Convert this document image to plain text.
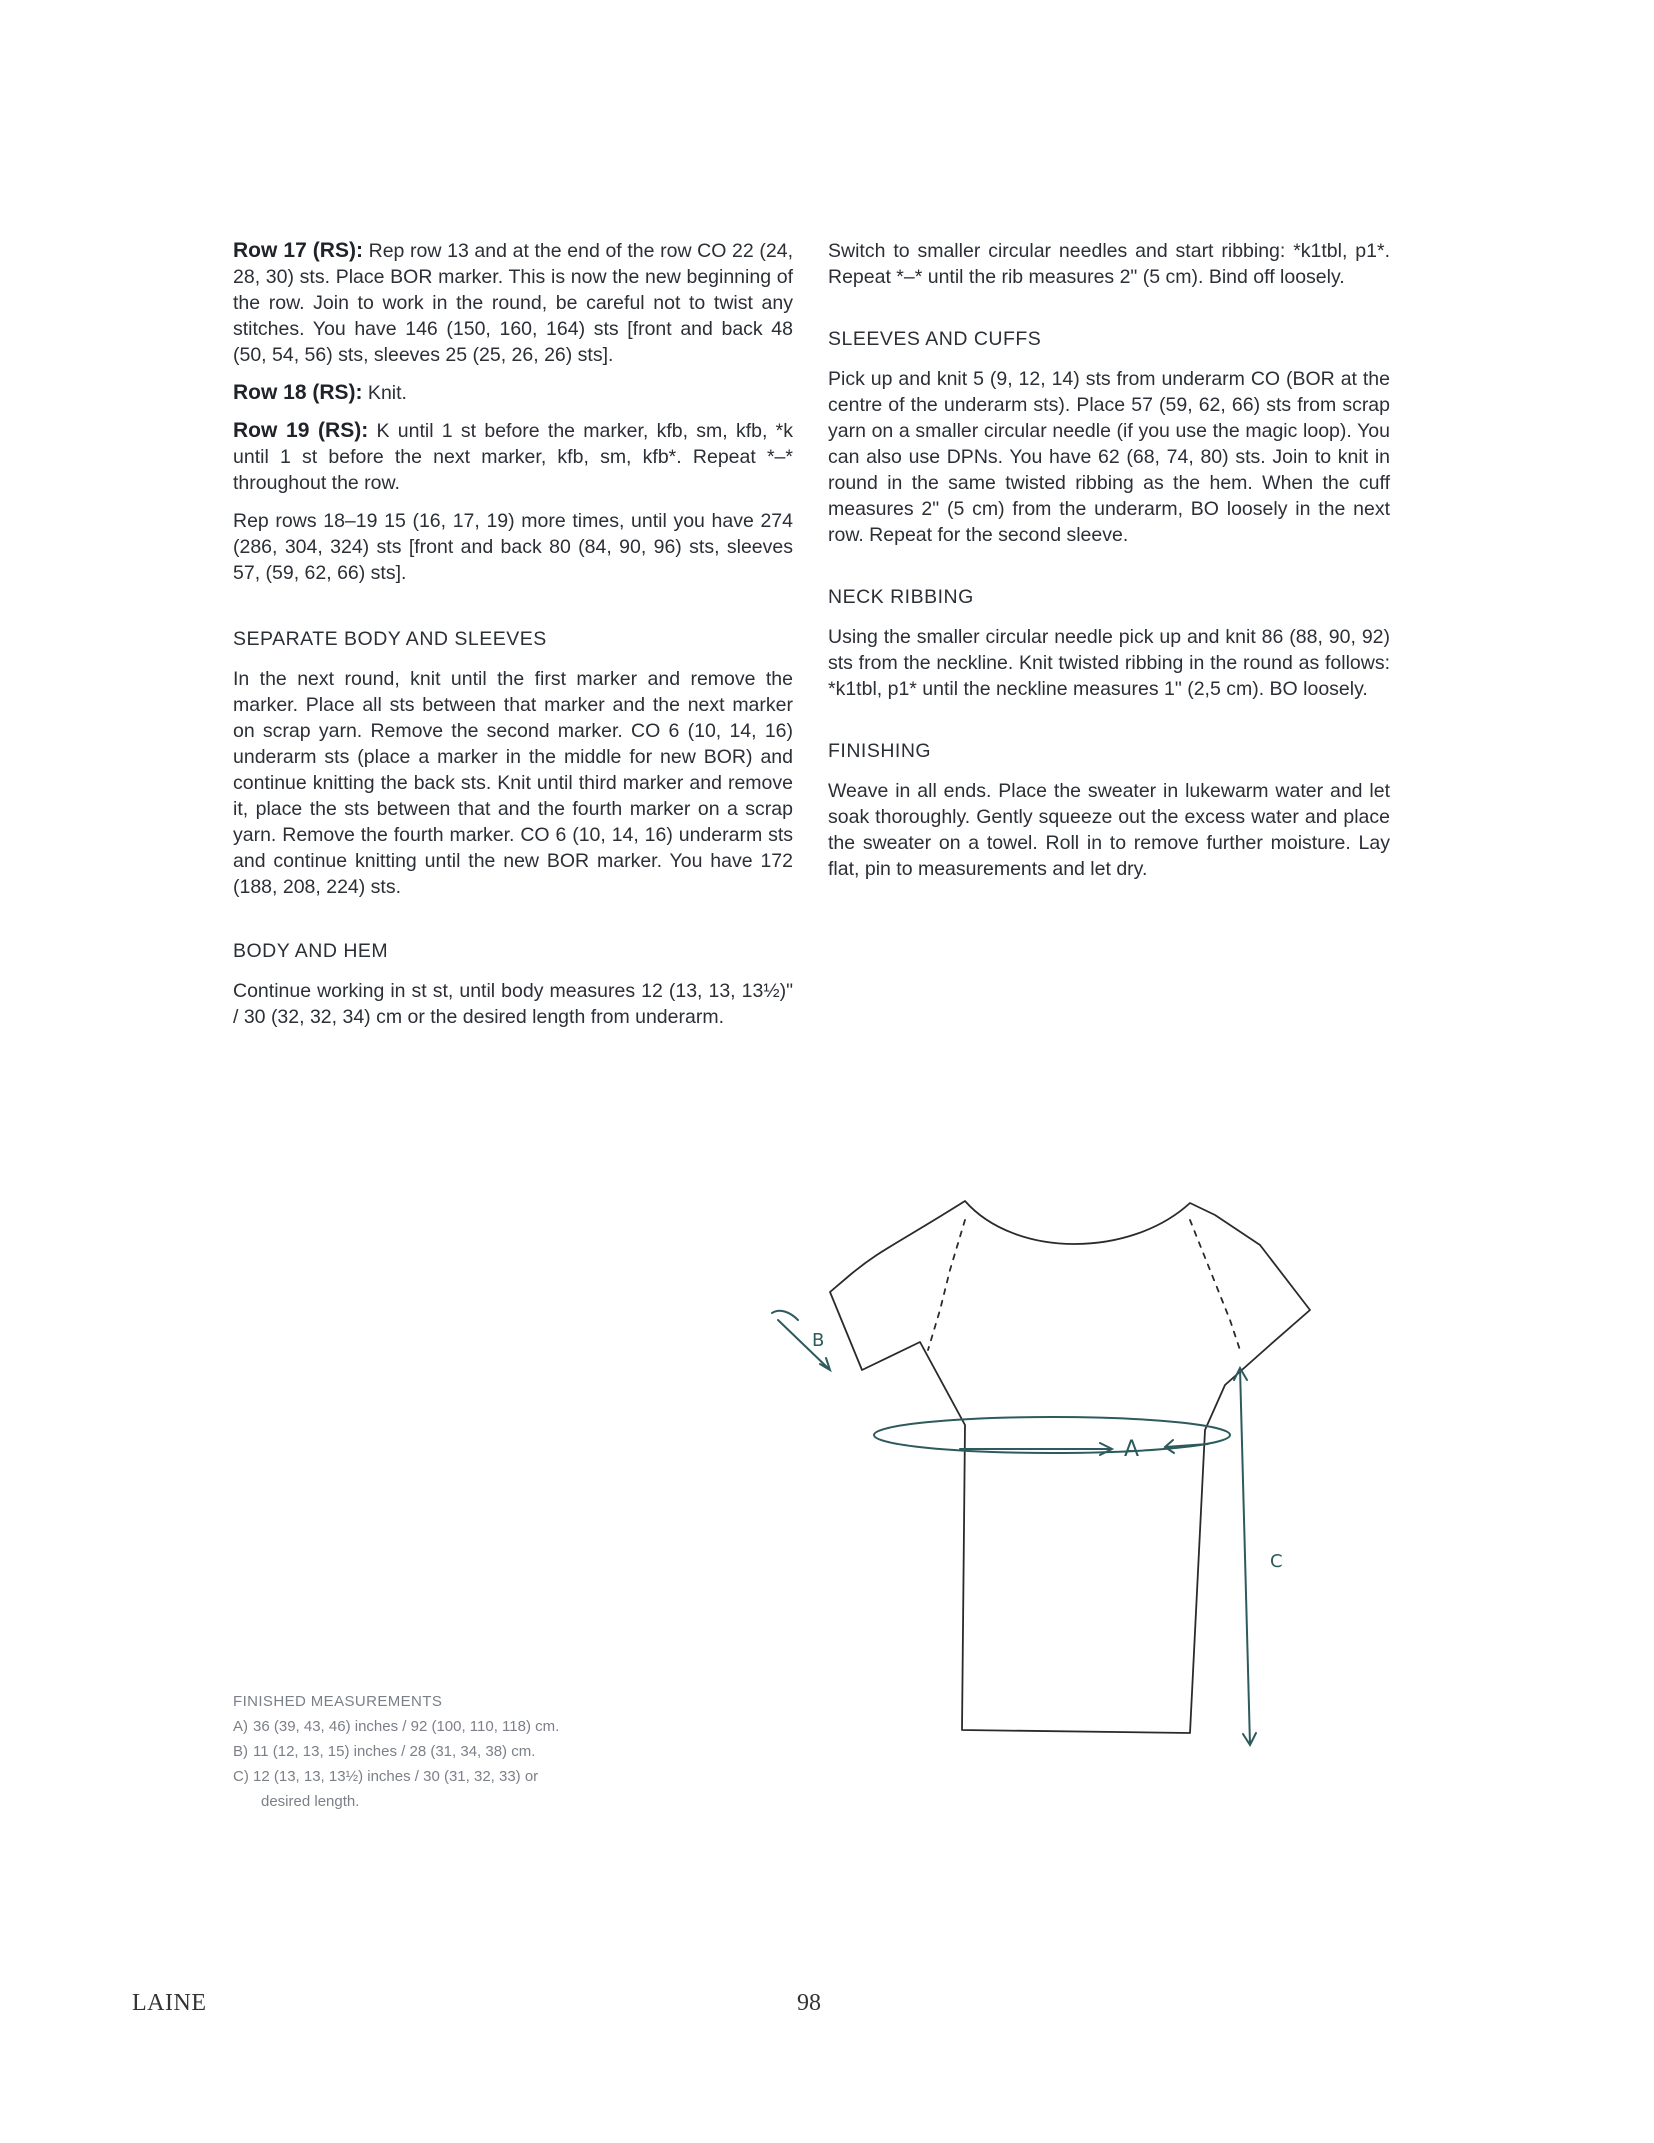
Row 17 (RS): Rep row 13 and at the end of the row CO 22 (24, 28, 30) sts. Place BOR marker. This is now the new beginning of the row. Join to work in the round, be careful not to twist any stitches. You have 146 (150, 160, 164) sts [front and back 48 (50, 54, 56) sts, sleeves 25 (25, 26, 26) sts].

Row 18 (RS): Knit.

Row 19 (RS): K until 1 st before the marker, kfb, sm, kfb, *k until 1 st before the next marker, kfb, sm, kfb*. Repeat *–* throughout the row.

Rep rows 18–19 15 (16, 17, 19) more times, until you have 274 (286, 304, 324) sts [front and back 80 (84, 90, 96) sts, sleeves 57, (59, 62, 66) sts].

SEPARATE BODY AND SLEEVES

In the next round, knit until the first marker and remove the marker. Place all sts between that marker and the next marker on scrap yarn. Remove the second marker. CO 6 (10, 14, 16) underarm sts (place a marker in the middle for new BOR) and continue knitting the back sts. Knit until third marker and remove it, place the sts between that and the fourth marker on a scrap yarn. Remove the fourth marker. CO 6 (10, 14, 16) underarm sts and continue knitting until the new BOR marker. You have 172 (188, 208, 224) sts.

BODY AND HEM

Continue working in st st, until body measures 12 (13, 13, 13½)" / 30 (32, 32, 34) cm or the desired length from underarm.

Switch to smaller circular needles and start ribbing: *k1tbl, p1*. Repeat *–* until the rib measures 2" (5 cm). Bind off loosely.

SLEEVES AND CUFFS

Pick up and knit 5 (9, 12, 14) sts from underarm CO (BOR at the centre of the underarm sts). Place 57 (59, 62, 66) sts from scrap yarn on a smaller circular needle (if you use the magic loop). You can also use DPNs. You have 62 (68, 74, 80) sts. Join to knit in round in the same twisted ribbing as the hem. When the cuff measures 2" (5 cm) from the underarm, BO loosely in the next row. Repeat for the second sleeve.

NECK RIBBING

Using the smaller circular needle pick up and knit 86 (88, 90, 92) sts from the neckline. Knit twisted ribbing in the round as follows: *k1tbl, p1* until the neckline measures 1" (2,5 cm). BO loosely.

FINISHING

Weave in all ends. Place the sweater in lukewarm water and let soak thoroughly. Gently squeeze out the excess water and place the sweater on a towel. Roll in to remove further moisture. Lay flat, pin to measurements and let dry.

A
B
C
FINISHED MEASUREMENTS
A) 36 (39, 43, 46) inches / 92 (100, 110, 118) cm.
B) 11 (12, 13, 15) inches / 28 (31, 34, 38) cm.
C) 12 (13, 13, 13½) inches / 30 (31, 32, 33) or
desired length.
LAINE	98
